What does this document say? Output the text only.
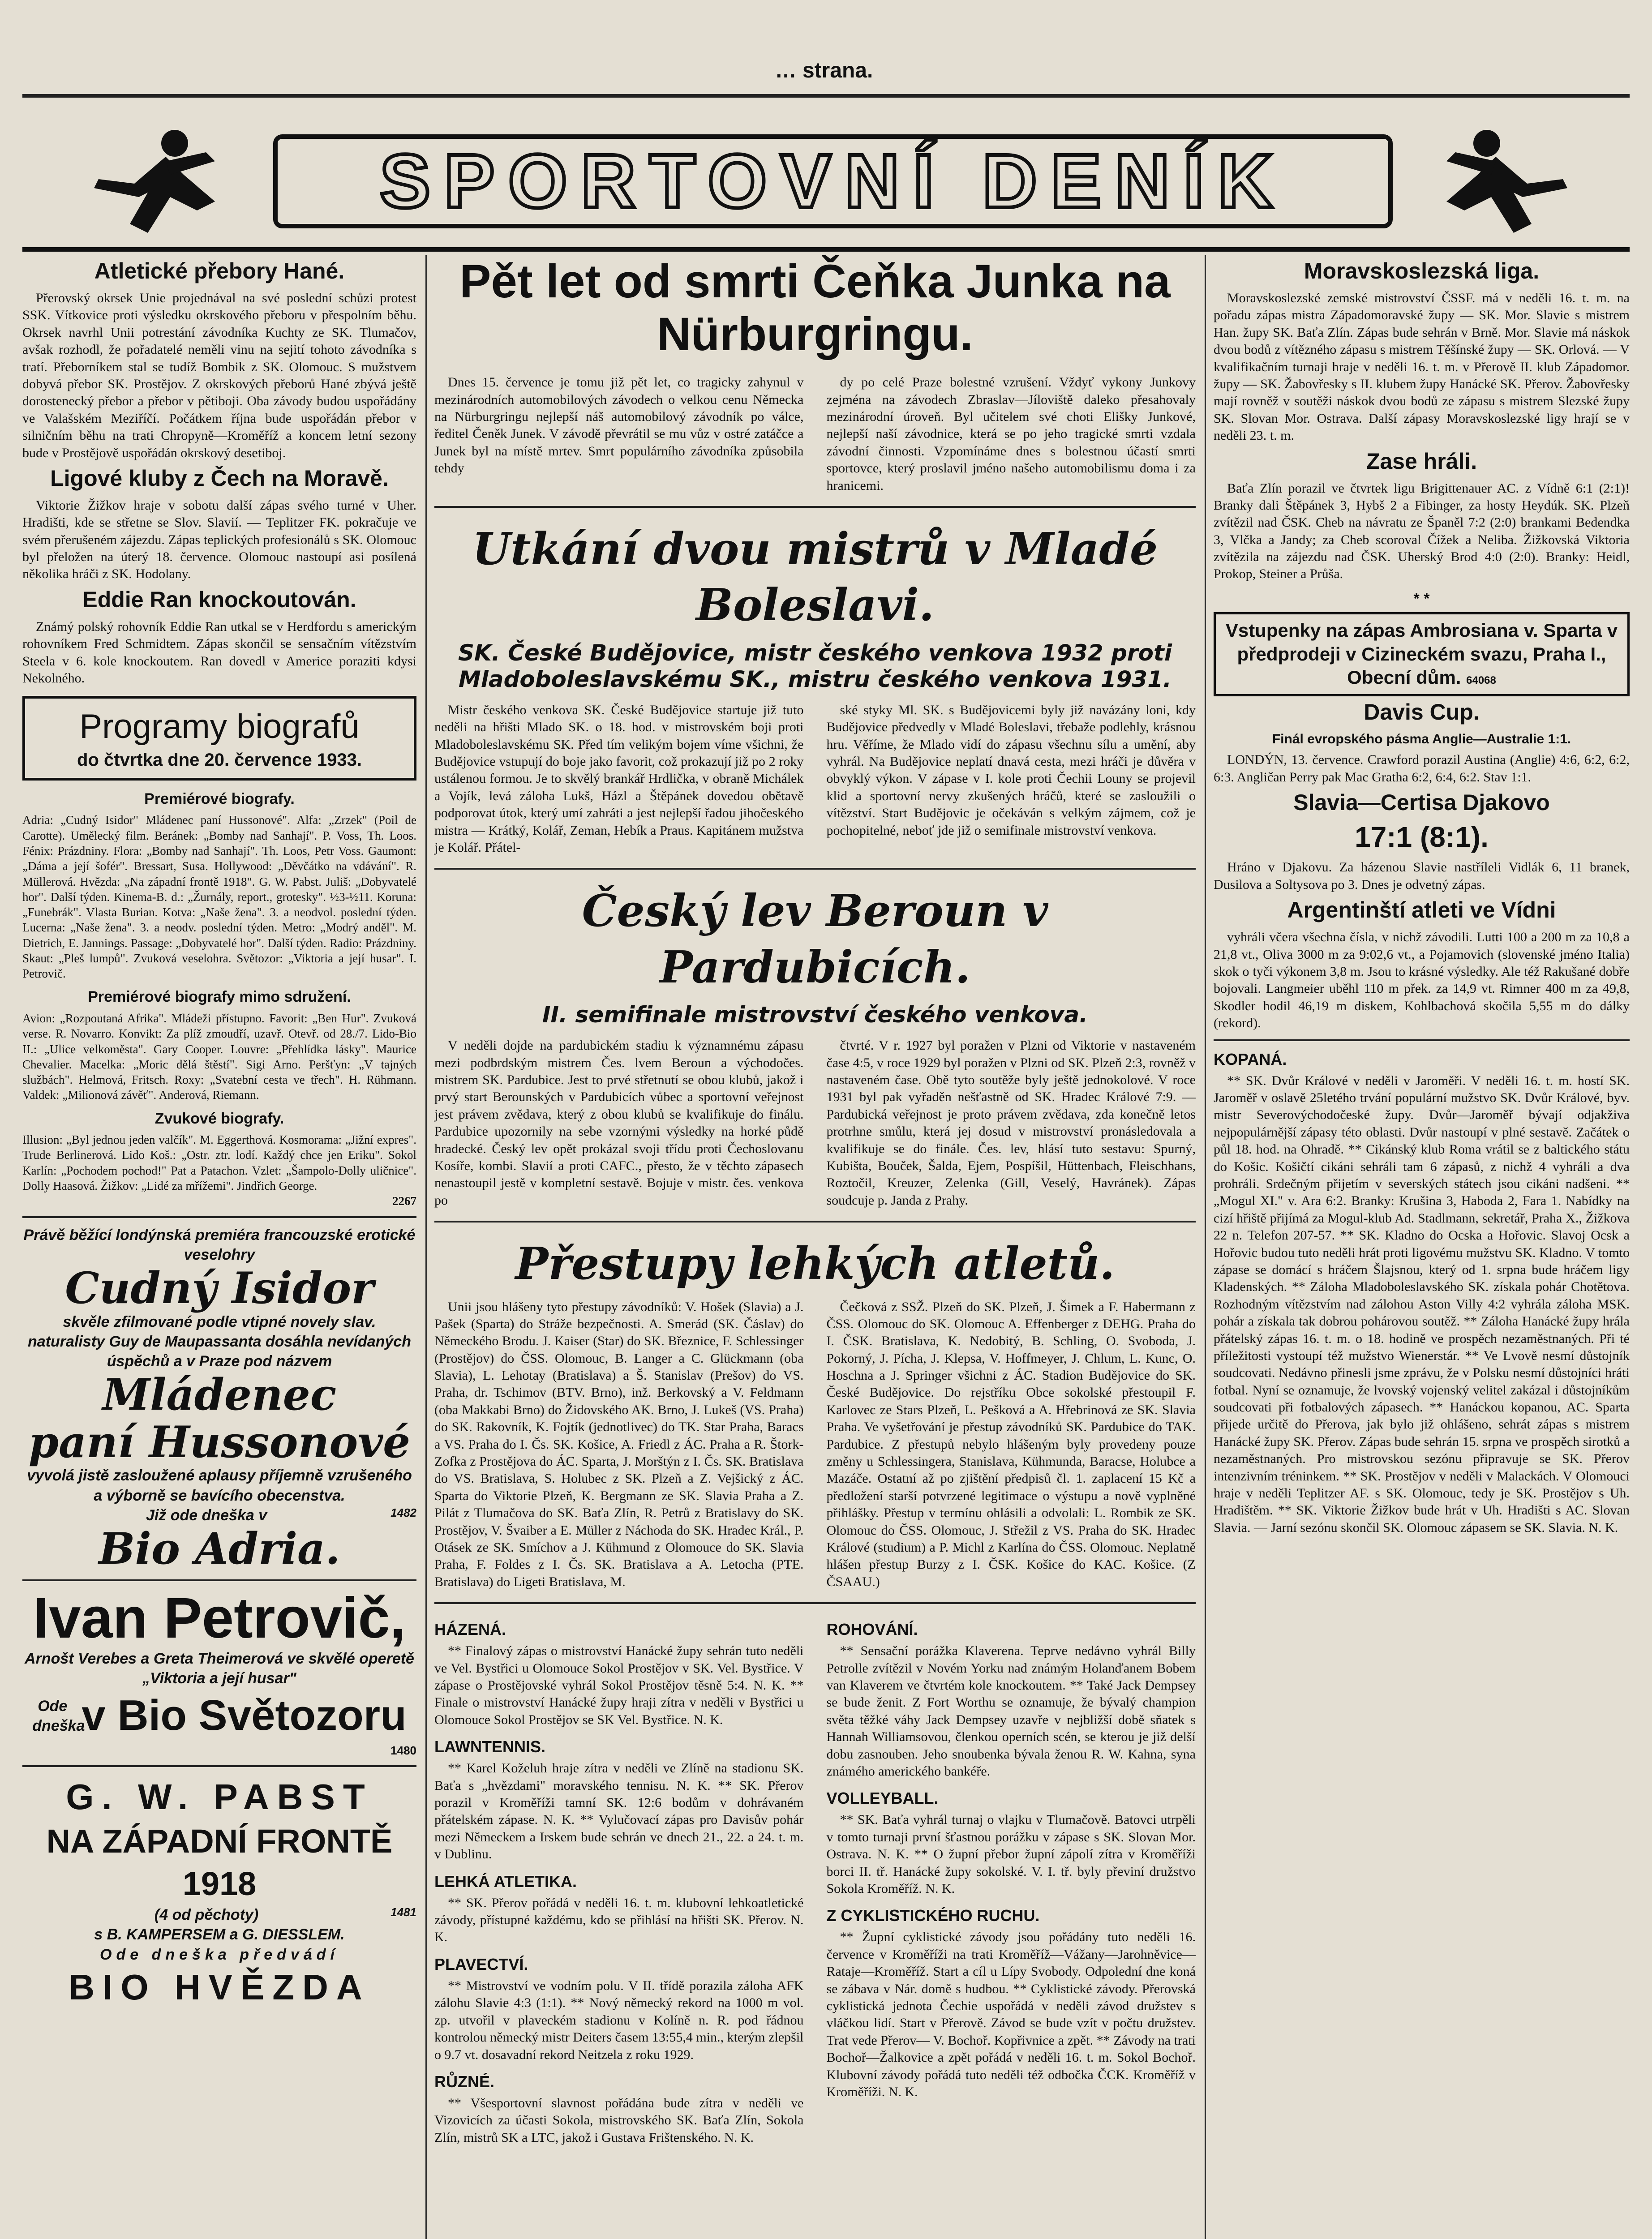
… strana.
SPORTOVNÍ DENÍK
Atletické přebory Hané.

Přerovský okrsek Unie projednával na své poslední schůzi protest SSK. Vítkovice proti výsledku okrskového přeboru v přespolním běhu. Okrsek navrhl Unii potrestání závodníka Kuchty ze SK. Tlumačov, avšak rozhodl, že pořadatelé neměli vinu na sejití tohoto závodníka s tratí. Přeborníkem stal se tudíž Bombik z SK. Olomouc. S mužstvem dobyvá přebor SK. Prostějov. Z okrskových přeborů Hané zbývá ještě dorostenecký přebor a přebor v pětiboji. Oba závody budou uspořádány ve Valašském Meziříčí. Počátkem října bude uspořádán přebor v silničním běhu na trati Chropyně—Kroměříž a koncem letní sezony bude v Prostějově uspořádán okrskový desetiboj.

Ligové kluby z Čech na Moravě.

Viktorie Žižkov hraje v sobotu další zápas svého turné v Uher. Hradišti, kde se střetne se Slov. Slavií. — Teplitzer FK. pokračuje ve svém přerušeném zájezdu. Zápas teplických profesionálů s SK. Olomouc byl přeložen na úterý 18. července. Olomouc nastoupí asi posílená několika hráči z SK. Hodolany.

Eddie Ran knockoutován.

Známý polský rohovník Eddie Ran utkal se v Herdfordu s americkým rohovníkem Fred Schmidtem. Zápas skončil se sensačním vítězstvím Steela v 6. kole knockoutem. Ran dovedl v Americe poraziti kdysi Nekolného.

Programy biografů
do čtvrtka dne 20. července 1933.
Premiérové biografy.
Adria: „Cudný Isidor" Mládenec paní Hussonové". Alfa: „Zrzek" (Poil de Carotte). Umělecký film. Beránek: „Bomby nad Sanhají". P. Voss, Th. Loos. Fénix: Prázdniny. Flora: „Bomby nad Sanhají". Th. Loos, Petr Voss. Gaumont: „Dáma a její šofér". Bressart, Susa. Hollywood: „Děvčátko na vdávání". R. Müllerová. Hvězda: „Na západní frontě 1918". G. W. Pabst. Juliš: „Dobyvatelé hor". Další týden. Kinema-B. d.: „Žurnály, report., grotesky". ½3-½11. Koruna: „Funebrák". Vlasta Burian. Kotva: „Naše žena". 3. a neodvol. poslední týden. Lucerna: „Naše žena". 3. a neodv. poslední týden. Metro: „Modrý anděl". M. Dietrich, E. Jannings. Passage: „Dobyvatelé hor". Další týden. Radio: Prázdniny. Skaut: „Pleš lumpů". Zvuková veselohra. Světozor: „Viktoria a její husar". I. Petrovič.
Premiérové biografy mimo sdružení.
Avion: „Rozpoutaná Afrika". Mládeži přístupno. Favorit: „Ben Hur". Zvuková verse. R. Novarro. Konvikt: Za plíž zmoudří, uzavř. Otevř. od 28./7. Lido-Bio II.: „Ulice velkoměsta". Gary Cooper. Louvre: „Přehlídka lásky". Maurice Chevalier. Macelka: „Moric dělá štěstí". Sigi Arno. Peršťyn: „V tajných službách". Helmová, Fritsch. Roxy: „Svatební cesta ve třech". H. Rühmann. Valdek: „Milionová závěť". Anderová, Riemann.
Zvukové biografy.
Illusion: „Byl jednou jeden valčík". M. Eggerthová. Kosmorama: „Jižní expres". Trude Berlinerová. Lido Koš.: „Ostr. ztr. lodí. Každý chce jen Eriku". Sokol Karlín: „Pochodem pochod!" Pat a Patachon. Vzlet: „Šampolo-Dolly uličnice". Dolly Haasová. Žižkov: „Lidé za mřížemi". Jindřich George.
2267
Právě běžící londýnská premiéra francouzské erotické veselohry
Cudný Isidor
skvěle zfilmované podle vtipné novely slav. naturalisty Guy de Maupassanta dosáhla nevídaných úspěchů a v Praze pod názvem
Mládenec
paní Hussonové
vyvolá jistě zasloužené aplausy příjemně vzrušeného a výborně se bavícího obecenstva.
Již ode dneška v	1482
Bio Adria.
Ivan Petrovič,
Arnošt Verebes a Greta Theimerová ve skvělé operetě „Viktoria a její husar"
Ode dneška
v Bio Světozoru
1480
G. W. PABST
NA ZÁPADNÍ FRONTĚ 1918
(4 od pěchoty)	1481
s B. KAMPERSEM a G. DIESSLEM.
Ode dneška předvádí
BIO HVĚZDA
Pět let od smrti Čeňka Junka na Nürburgringu.

Dnes 15. července je tomu již pět let, co tragicky zahynul v mezinárodních automobilových závodech o velkou cenu Německa na Nürburgringu nejlepší náš automobilový závodník po válce, ředitel Čeněk Junek. V závodě převrátil se mu vůz v ostré zatáčce a Junek byl na místě mrtev. Smrt populárního závodníka způsobila tehdy

dy po celé Praze bolestné vzrušení. Vždyť vykony Junkovy zejména na závodech Zbraslav—Jíloviště daleko přesahovaly mezinárodní úroveň. Byl učitelem své choti Elišky Junkové, nejlepší naší závodnice, která se po jeho tragické smrti vzdala závodní činnosti. Vzpomínáme dnes s bolestnou účastí smrti sportovce, který proslavil jméno našeho automobilismu doma i za hranicemi.

Utkání dvou mistrů v Mladé Boleslavi.
SK. České Budějovice, mistr českého venkova 1932 proti Mladoboleslavskému SK., mistru českého venkova 1931.

Mistr českého venkova SK. České Budějovice startuje již tuto neděli na hřišti Mlado SK. o 18. hod. v mistrovském boji proti Mladoboleslavskému SK. Před tím velikým bojem víme všichni, že Budějovice vstupují do boje jako favorit, což prokazují již po 2 roky ustálenou formou. Je to skvělý brankář Hrdlička, v obraně Michálek a Vojík, levá záloha Lukš, Házl a Štěpánek dovedou obětavě podporovat útok, který umí zahráti a jest nejlepší řadou jihočeského mistra — Krátký, Kolář, Zeman, Hebík a Praus. Kapitánem mužstva je Kolář. Přátel-

ské styky Ml. SK. s Budějovicemi byly již navázány loni, kdy Budějovice předvedly v Mladé Boleslavi, třebaže podlehly, krásnou hru. Věříme, že Mlado vidí do zápasu všechnu sílu a umění, aby vyhrál. Na Budějovice neplatí dnavá cesta, mezi hráči je důvěra v obvyklý výkon. V zápase v I. kole proti Čechii Louny se projevil klid a sportovní nervy zkušených hráčů, které se zasloužili o vítězství. Start Budějovic je očekáván s velkým zájmem, což je pochopitelné, neboť jde již o semifinale mistrovství venkova.

Český lev Beroun v Pardubicích.
II. semifinale mistrovství českého venkova.

V neděli dojde na pardubickém stadiu k významnému zápasu mezi podbrdským mistrem Čes. lvem Beroun a východočes. mistrem SK. Pardubice. Jest to prvé střetnutí se obou klubů, jakož i prvý start Berounských v Pardubicích vůbec a sportovní veřejnost jest právem zvědava, který z obou klubů se kvalifikuje do finálu. Pardubice upozornily na sebe vzornými výsledky na horké půdě hradecké. Český lev opět prokázal svoji třídu proti Čechoslovanu Kosíře, kombi. Slavií a proti CAFC., přesto, že v těchto zápasech nenastoupil jestě v kompletní sestavě. Bojuje v mistr. čes. venkova po

čtvrté. V r. 1927 byl poražen v Plzni od Viktorie v nastaveném čase 4:5, v roce 1929 byl poražen v Plzni od SK. Plzeň 2:3, rovněž v nastaveném čase. Obě tyto soutěže byly ještě jednokolové. V roce 1931 byl pak vyřaděn nešťastně od SK. Hradec Králové 7:9. — Pardubická veřejnost je proto právem zvědava, zda konečně letos protrhne smůlu, která jej dosud v mistrovství pronásledovala a kvalifikuje se do finále. Čes. lev, hlásí tuto sestavu: Spurný, Kubišta, Bouček, Šalda, Ejem, Pospíšil, Hüttenbach, Fleischhans, Roztočil, Kreuzer, Zelenka (Gill, Veselý, Havránek). Zápas soudcuje p. Janda z Prahy.

Přestupy lehkých atletů.

Unii jsou hlášeny tyto přestupy závodníků: V. Hošek (Slavia) a J. Pašek (Sparta) do Stráže bezpečnosti. A. Smerád (SK. Čáslav) do Německého Brodu. J. Kaiser (Star) do SK. Březnice, F. Schlessinger (Prostějov) do ČSS. Olomouc, B. Langer a C. Glückmann (oba Slavia), L. Lehotay (Bratislava) a Š. Stanislav (Prešov) do VS. Praha, dr. Tschimov (BTV. Brno), inž. Berkovský a V. Feldmann (oba Makkabi Brno) do Židovského AK. Brno, J. Lukeš (VS. Praha) do SK. Rakovník, K. Fojtík (jednotlivec) do TK. Star Praha, Baracs a VS. Praha do I. Čs. SK. Košice, A. Friedl z ÁC. Praha a R. Štork-Zofka z Prostějova do ÁC. Sparta, J. Morštýn z I. Čs. SK. Bratislava do VS. Bratislava, S. Holubec z SK. Plzeň a Z. Vejšický z ÁC. Sparta do Viktorie Plzeň, K. Bergmann ze SK. Slavia Praha a Z. Pilát z Tlumačova do SK. Baťa Zlín, R. Petrů z Bratislavy do SK. Prostějov, V. Švaiber a E. Müller z Náchoda do SK. Hradec Král., P. Otásek ze SK. Smíchov a J. Kühmund z Olomouce do SK. Slavia Praha, F. Foldes z I. Čs. SK. Bratislava a A. Letocha (PTE. Bratislava) do Ligeti Bratislava, M.

Čečková z SSŽ. Plzeň do SK. Plzeň, J. Šimek a F. Habermann z ČSS. Olomouc do SK. Olomouc A. Effenberger z DEHG. Praha do I. ČSK. Bratislava, K. Nedobitý, B. Schling, O. Svoboda, J. Pokorný, J. Pícha, J. Klepsa, V. Hoffmeyer, J. Chlum, L. Kunc, O. Hoschna a J. Springer všichni z ÁC. Stadion Budějovice do SK. České Budějovice. Do rejstříku Obce sokolské přestoupil F. Karlovec ze Stars Plzeň, L. Pešková a A. Hřebrinová ze SK. Slavia Praha. Ve vyšetřování je přestup závodníků SK. Pardubice do TAK. Pardubice. Z přestupů nebylo hlášeným byly provedeny pouze změny u Schlessingera, Stanislava, Kühmunda, Baracse, Holubce a Mazáče. Ostatní až po zjištění předpisů čl. 1. zaplacení 15 Kč a předložení starší potvrzené legitimace o výstupu a nově vyplněné přihlášky. Přestup v termínu ohlásili a odvolali: L. Rombik ze SK. Olomouc do ČSS. Olomouc, J. Střežil z VS. Praha do SK. Hradec Králové (studium) a P. Michl z Karlína do ČSS. Olomouc. Neplatně hlášen přestup Burzy z I. ČSK. Košice do KAC. Košice. (Z ČSAAU.)

HÁZENÁ.

** Finalový zápas o mistrovství Hanácké župy sehrán tuto neděli ve Vel. Bystřici u Olomouce Sokol Prostějov v SK. Vel. Bystřice. V zápase o Prostějovské vyhrál Sokol Prostějov těsně 5:4. N. K. ** Finale o mistrovství Hanácké župy hraji zítra v neděli v Bystřici u Olomouce Sokol Prostějov se SK Vel. Bystřice. N. K.

LAWNTENNIS.

** Karel Koželuh hraje zítra v neděli ve Zlíně na stadionu SK. Baťa s „hvězdami" moravského tennisu. N. K. ** SK. Přerov porazil v Kroměříži tamní SK. 12:6 bodům v dohrávaném přátelském zápase. N. K. ** Vylučovací zápas pro Davisův pohár mezi Německem a Irskem bude sehrán ve dnech 21., 22. a 24. t. m. v Dublinu.

LEHKÁ ATLETIKA.

** SK. Přerov pořádá v neděli 16. t. m. klubovní lehkoatletické závody, přístupné každému, kdo se přihlásí na hřišti SK. Přerov. N. K.

PLAVECTVÍ.

** Mistrovství ve vodním polu. V II. třídě porazila záloha AFK zálohu Slavie 4:3 (1:1). ** Nový německý rekord na 1000 m vol. zp. utvořil v plaveckém stadionu v Kolíně n. R. pod řádnou kontrolou německý mistr Deiters časem 13:55,4 min., kterým zlepšil o 9.7 vt. dosavadní rekord Neitzela z roku 1929.

RŮZNÉ.

** Všesportovní slavnost pořádána bude zítra v neděli ve Vizovicích za účasti Sokola, mistrovského SK. Baťa Zlín, Sokola Zlín, mistrů SK a LTC, jakož i Gustava Frištenského. N. K.

ROHOVÁNÍ.

** Sensační porážka Klaverena. Teprve nedávno vyhrál Billy Petrolle zvítězil v Novém Yorku nad známým Holanďanem Bobem van Klaverem ve čtvrtém kole knockoutem. ** Také Jack Dempsey se bude ženit. Z Fort Worthu se oznamuje, že bývalý champion světa těžké váhy Jack Dempsey uzavře v nejbližší době sňatek s Hannah Williamsovou, členkou operních scén, se kterou je již delší dobu zasnouben. Jeho snoubenka bývala ženou R. W. Kahna, syna známého amerického bankéře.

VOLLEYBALL.

** SK. Baťa vyhrál turnaj o vlajku v Tlumačově. Batovci utrpěli v tomto turnaji první šťastnou porážku v zápase s SK. Slovan Mor. Ostrava. N. K. ** O župní přebor župní zápolí zítra v Kroměříži borci II. tř. Hanácké župy sokolské. V. I. tř. byly převiní družstvo Sokola Kroměříž. N. K.

Z CYKLISTICKÉHO RUCHU.

** Župní cyklistické závody jsou pořádány tuto neděli 16. července v Kroměříži na trati Kroměříž—Vážany—Jarohněvice—Rataje—Kroměříž. Start a cíl u Lípy Svobody. Odpolední dne koná se zábava v Nár. domě s hudbou. ** Cyklistické závody. Přerovská cyklistická jednota Čechie uspořádá v neděli závod družstev s vláčkou lidí. Start v Přerově. Závod se bude vzít v počtu družstev. Trat vede Přerov— V. Bochoř. Kopřivnice a zpět. ** Závody na trati Bochoř—Žalkovice a zpět pořádá v neděli 16. t. m. Sokol Bochoř. Klubovní závody pořádá tuto neděli též odbočka ČCK. Kroměříž v Kroměříži. N. K.

Moravskoslezská liga.

Moravskoslezské zemské mistrovství ČSSF. má v neděli 16. t. m. na pořadu zápas mistra Západomoravské župy — SK. Mor. Slavie s mistrem Han. župy SK. Baťa Zlín. Zápas bude sehrán v Brně. Mor. Slavie má náskok dvou bodů z vítězného zápasu s mistrem Těšínské župy — SK. Orlová. — V kvalifikačním turnaji hraje v neděli 16. t. m. v Přerově II. klub Západomor. župy — SK. Žabovřesky s II. klubem župy Hanácké SK. Přerov. Žabovřesky mají rovněž v soutěži náskok dvou bodů ze zápasu s mistrem Slezské župy SK. Slovan Mor. Ostrava. Další zápasy Moravskoslezské ligy hrají se v neděli 23. t. m.

Zase hráli.

Baťa Zlín porazil ve čtvrtek ligu Brigittenauer AC. z Vídně 6:1 (2:1)! Branky dali Štěpánek 3, Hybš 2 a Fibinger, za hosty Heydúk. SK. Plzeň zvítězil nad ČSK. Cheb na návratu ze Španěl 7:2 (2:0) brankami Bedendka 3, Vlčka a Jandy; za Cheb scoroval Čížek a Neliba. Žižkovská Viktoria zvítězila na zájezdu nad ČSK. Uherský Brod 4:0 (2:0). Branky: Heidl, Prokop, Steiner a Průša.

* *
Vstupenky na zápas Ambrosiana v. Sparta v předprodeji v Cizineckém svazu, Praha I., Obecní dům. 64068
Davis Cup.
Finál evropského pásma Anglie—Australie 1:1.

LONDÝN, 13. července. Crawford porazil Austina (Anglie) 4:6, 6:2, 6:2, 6:3. Angličan Perry pak Mac Gratha 6:2, 6:4, 6:2. Stav 1:1.

Slavia—Certisa Djakovo
17:1 (8:1).

Hráno v Djakovu. Za házenou Slavie nastříleli Vidlák 6, 11 branek, Dusilova a Soltysova po 3. Dnes je odvetný zápas.

Argentinští atleti ve Vídni

vyhráli včera všechna čísla, v nichž závodili. Lutti 100 a 200 m za 10,8 a 21,8 vt., Oliva 3000 m za 9:02,6 vt., a Pojamovich (slovenské jméno Italia) skok o tyči výkonem 3,8 m. Jsou to krásné výsledky. Ale též Rakušané dobře bojovali. Langmeier uběhl 110 m přek. za 14,9 vt. Rimner 400 m za 49,8, Skodler hodil 46,19 m diskem, Kohlbachová skočila 5,55 m do dálky (rekord).

KOPANÁ.

** SK. Dvůr Králové v neděli v Jaroměři. V neděli 16. t. m. hostí SK. Jaroměř v oslavě 25letého trvání populární mužstvo SK. Dvůr Králové, byv. mistr Severovýchodočeské župy. Dvůr—Jaroměř bývají odjakživa nejpopulárnější zápasy této oblasti. Dvůr nastoupí v plné sestavě. Začátek o půl 18. hod. na Ohradě. ** Cikánský klub Roma vrátil se z baltického státu do Košic. Košičtí cikáni sehráli tam 6 zápasů, z nichž 4 vyhráli a dva prohráli. Srdečným přijetím v severských státech jsou cikáni nadšeni. ** „Mogul XI." v. Ara 6:2. Branky: Krušina 3, Haboda 2, Fara 1. Nabídky na cizí hřiště přijímá za Mogul-klub Ad. Stadlmann, sekretář, Praha X., Žižkova 22 n. Telefon 207-57. ** SK. Kladno do Ocska a Hořovic. Slavoj Ocsk a Hořovic budou tuto neděli hrát proti ligovému mužstvu SK. Kladno. V tomto zápase se domácí s hráčem Šlajsnou, který od 1. srpna bude hráčem ligy Kladenských. ** Záloha Mladoboleslavského SK. získala pohár Chotětova. Rozhodným vítězstvím nad zálohou Aston Villy 4:2 vyhrála záloha MSK. pohár a získala tak dobrou pohárovou soutěž. ** Záloha Hanácké župy hrála přátelský zápas 16. t. m. o 18. hodině ve prospěch nezaměstnaných. Při té příležitosti vystoupí též mužstvo Wienerstár. ** Ve Lvově nesmí důstojník soudcovati. Nedávno přinesli jsme zprávu, že v Polsku nesmí důstojníci hráti fotbal. Nyní se oznamuje, že lvovský vojenský velitel zakázal i důstojníkům soudcovati při fotbalových zápasech. ** Hanáckou kopanou, AC. Sparta přijede určitě do Přerova, jak bylo již ohlášeno, sehrát zápas s mistrem Hanácké župy SK. Přerov. Zápas bude sehrán 15. srpna ve prospěch sirotků a nezaměstnaných. Pro mistrovskou sezónu připravuje se SK. Přerov intenzivním tréninkem. ** SK. Prostějov v neděli v Malackách. V Olomouci hraje v neděli Teplitzer AF. s SK. Olomouc, tedy je SK. Prostějov s Uh. Hradištěm. ** SK. Viktorie Žižkov bude hrát v Uh. Hradišti s AC. Slovan Slavia. — Jarní sezónu skončil SK. Olomouc zápasem se SK. Slavia. N. K.
